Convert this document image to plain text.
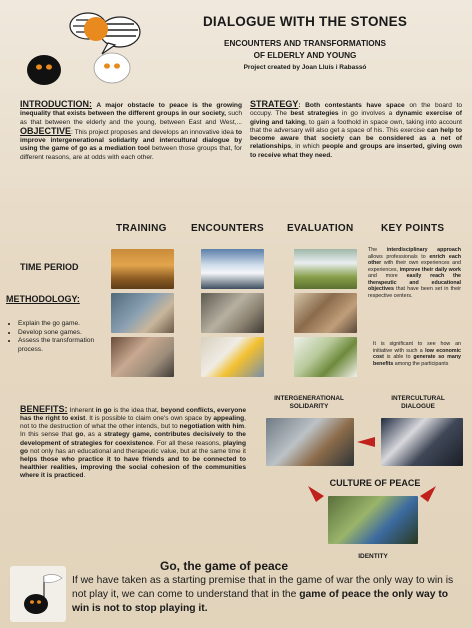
DIALOGUE WITH THE STONES
ENCOUNTERS AND TRANSFORMATIONS
OF ELDERLY AND YOUNG
Project created by Joan Lluís i Rabassó
INTRODUCTION: A major obstacle to peace is the growing inequality that exists between the different groups in our society, such as that between the elderly and the young, between East and West,... OBJECTIVE: This project proposes and develops an innovative idea to improve intergenerational solidarity and intercultural dialogue by using the game of go as a mediation tool between those groups that, for different reasons, are at odds with each other.
STRATEGY: Both contestants have space on the board to occupy. The best strategies in go involves a dynamic exercise of giving and taking, to gain a foothold in space own, taking into account that the adversary will also get a space of his. This exercise can help to become aware that society can be considered as a net of relationships, in which people and groups are inserted, giving own to receive what they need.
TRAINING ENCOUNTERS EVALUATION	KEY POINTS
TIME PERIOD
METHODOLOGY:
• Explain the go game.
• Develop sone games.
• Assess the transformation process.
The interdisciplinary approach allows professionals to enrich each other with their own experiences and experiences, improve their daily work and more easily reach the therapeutic and educational objectives that have been set in their respective centers.
It is significant to see how an initiative with such a low economic cost is able to generate so many benefits among the participants
BENEFITS: Inherent in go is the idea that, beyond conflicts, everyone has the right to exist. It is possible to claim one's own space by appealing, not to the destruction of what the other intends, but to negotiation with him. In this sense that go, as a strategy game, contributes decisively to the development of strategies for coexistence. For all these reasons, playing go not only has an educational and therapeutic value, but at the same time it helps those who practice it to have friends and to be connected to healthier realities, improving the social cohesion of the communities where it is practiced.
INTERGENERATIONAL SOLIDARITY
INTERCULTURAL DIALOGUE
CULTURE OF PEACE
IDENTITY
Go, the game of peace
If we have taken as a starting premise that in the game of war the only way to win is not play it, we can come to understand that in the game of peace the only way to win is not to stop playing it.
